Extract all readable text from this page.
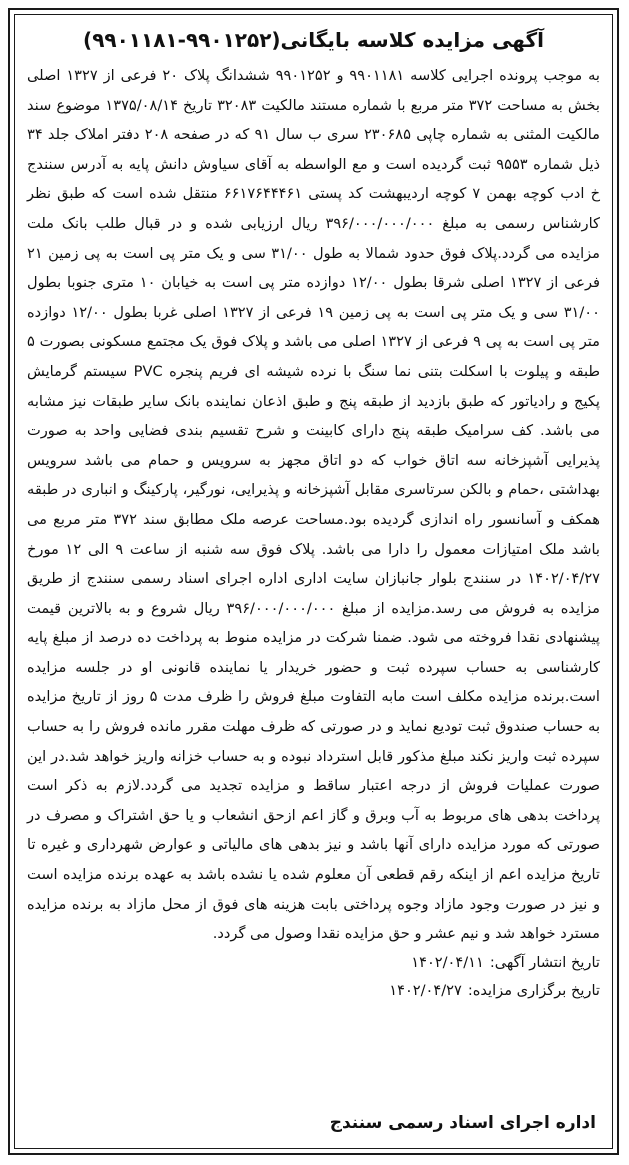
آگهی مزایده کلاسه بایگانی(۹۹۰۱۲۵۲-۹۹۰۱۱۸۱)

به موجب پرونده اجرایی کلاسه ۹۹۰۱۱۸۱ و ۹۹۰۱۲۵۲ ششدانگ پلاک ۲۰ فرعی از ۱۳۲۷ اصلی بخش به مساحت ۳۷۲ متر مربع با شماره مستند مالکیت ۳۲۰۸۳ تاریخ ۱۳۷۵/۰۸/۱۴ موضوع سند مالکیت المثنی به شماره چاپی ۲۳۰۶۸۵ سری ب سال ۹۱ که در صفحه ۲۰۸ دفتر املاک جلد ۳۴ ذیل شماره ۹۵۵۳ ثبت گردیده است و مع الواسطه به آقای سیاوش دانش پایه به آدرس سنندج خ ادب کوچه بهمن ۷ کوچه اردیبهشت کد پستی ۶۶۱۷۶۴۴۴۶۱ منتقل شده است که طبق نظر کارشناس رسمی به مبلغ ۳۹۶/۰۰۰/۰۰۰/۰۰۰ ریال ارزیابی شده و در قبال طلب بانک ملت مزایده می گردد.پلاک فوق حدود شمالا به طول ۳۱/۰۰ سی و یک متر پی است به پی زمین ۲۱ فرعی از ۱۳۲۷ اصلی شرقا بطول ۱۲/۰۰ دوازده متر پی است به خیابان ۱۰ متری جنوبا بطول ۳۱/۰۰ سی و یک متر پی است به پی زمین ۱۹ فرعی از ۱۳۲۷ اصلی غربا بطول ۱۲/۰۰ دوازده متر پی است به پی ۹ فرعی از ۱۳۲۷ اصلی می باشد و پلاک فوق یک مجتمع مسکونی بصورت ۵ طبقه و پیلوت با اسکلت بتنی نما سنگ با نرده شیشه ای فریم پنجره PVC سیستم گرمایش پکیج و رادیاتور که طبق بازدید از طبقه پنج و طبق اذعان نماینده بانک سایر طبقات نیز مشابه می باشد. کف سرامیک طبقه پنج دارای کابینت و شرح تقسیم بندی فضایی واحد به صورت پذیرایی آشپزخانه سه اتاق خواب که دو اتاق مجهز به سرویس و حمام می باشد سرویس بهداشتی ،حمام و بالکن سرتاسری مقابل آشپزخانه و پذیرایی، نورگیر، پارکینگ و انباری در طبقه همکف و آسانسور راه اندازی گردیده بود.مساحت عرصه ملک مطابق سند ۳۷۲ متر مربع می باشد ملک امتیازات معمول را دارا می باشد. پلاک فوق سه شنبه از ساعت ۹ الی ۱۲ مورخ ۱۴۰۲/۰۴/۲۷ در سنندج بلوار جانبازان سایت اداری اداره اجرای اسناد رسمی سنندج از طریق مزایده به فروش می رسد.مزایده از مبلغ ۳۹۶/۰۰۰/۰۰۰/۰۰۰ ریال شروع و به بالاترین قیمت پیشنهادی نقدا فروخته می شود. ضمنا شرکت در مزایده منوط به پرداخت ده درصد از مبلغ پایه کارشناسی به حساب سپرده ثبت و حضور خریدار یا نماینده قانونی او در جلسه مزایده است.برنده مزایده مکلف است مابه التفاوت مبلغ فروش را ظرف مدت ۵ روز از تاریخ مزایده به حساب صندوق ثبت تودیع نماید و در صورتی که ظرف مهلت مقرر مانده فروش را به حساب سپرده ثبت واریز نکند مبلغ مذکور قابل استرداد نبوده و به حساب خزانه واریز خواهد شد.در این صورت عملیات فروش از درجه اعتبار ساقط و مزایده تجدید می گردد.لازم به ذکر است پرداخت بدهی های مربوط به آب وبرق و گاز اعم ازحق انشعاب و یا حق اشتراک و مصرف در صورتی که مورد مزایده دارای آنها باشد و نیز بدهی های مالیاتی و عوارض شهرداری و غیره تا تاریخ مزایده اعم از اینکه رقم قطعی آن معلوم شده یا نشده باشد به عهده برنده مزایده است و نیز در صورت وجود مازاد وجوه پرداختی بابت هزینه های فوق از محل مازاد به برنده مزایده مسترد خواهد شد و نیم عشر و حق مزایده نقدا وصول می گردد.

تاریخ انتشار آگهی:۱۴۰۲/۰۴/۱۱

تاریخ برگزاری مزایده:۱۴۰۲/۰۴/۲۷

اداره اجرای اسناد رسمی سنندج
